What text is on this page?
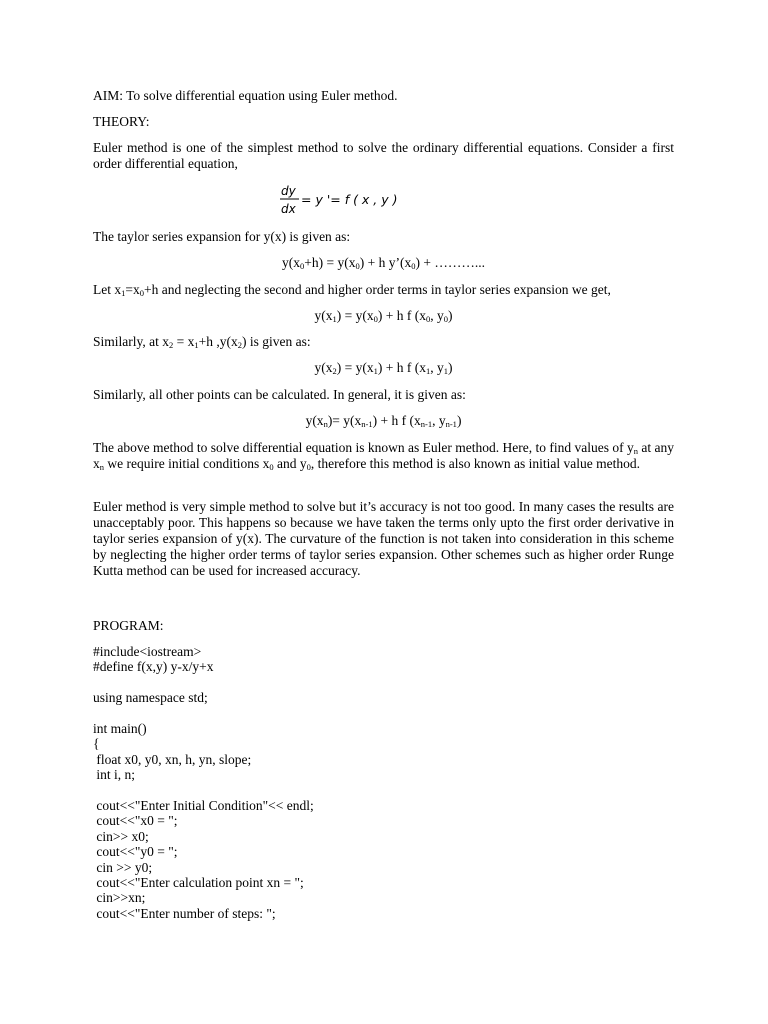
AIM: To solve differential equation using Euler method.

THEORY:

Euler method is one of the simplest method to solve the ordinary differential equations. Consider a first order differential equation,

dy
dx
= y '= f ( x , y )

The taylor series expansion for y(x) is given as:

$y(x_0+h) = y(x_0) + h$ $y’(x_0)$ + ………...

Let $x_1=x_0+h$ and neglecting the second and higher order terms in taylor series expansion we get,

$y(x_1) = y(x_0) + h$ f ($x_0$, $y_0$)

Similarly, at $x_2 = x_1+h$ $,y(x_2)$ is given as:

$y(x_2) = y(x_1) + h$ f ($x_1$, $y_1$)

Similarly, all other points can be calculated. In general, it is given as:

$y(x_n)= y(x_{n-1}) + h$ f ($x_{n-1}$, $y_{n-1}$)

The above method to solve differential equation is known as Euler method. Here, to find values of $y_n$ at any $x_n$ we require initial conditions $x_0$ and $y_0$, therefore this method is also known as initial value method.

Euler method is very simple method to solve but it’s accuracy is not too good. In many cases the results are unacceptably poor. This happens so because we have taken the terms only upto the first order derivative in taylor series expansion of y(x). The curvature of the function is not taken into consideration in this scheme by neglecting the higher order terms of taylor series expansion. Other schemes such as higher order Runge Kutta method can be used for increased accuracy.

PROGRAM:

#include<iostream>
#define f(x,y) y-x/y+x
using namespace std;
int main()
{
float x0, y0, xn, h, yn, slope;
int i, n;
cout<<"Enter Initial Condition"<< endl;
cout<<"x0 = ";
cin>> x0;
cout<<"y0 = ";
cin >> y0;
cout<<"Enter calculation point xn = ";
cin>>xn;
cout<<"Enter number of steps: ";
